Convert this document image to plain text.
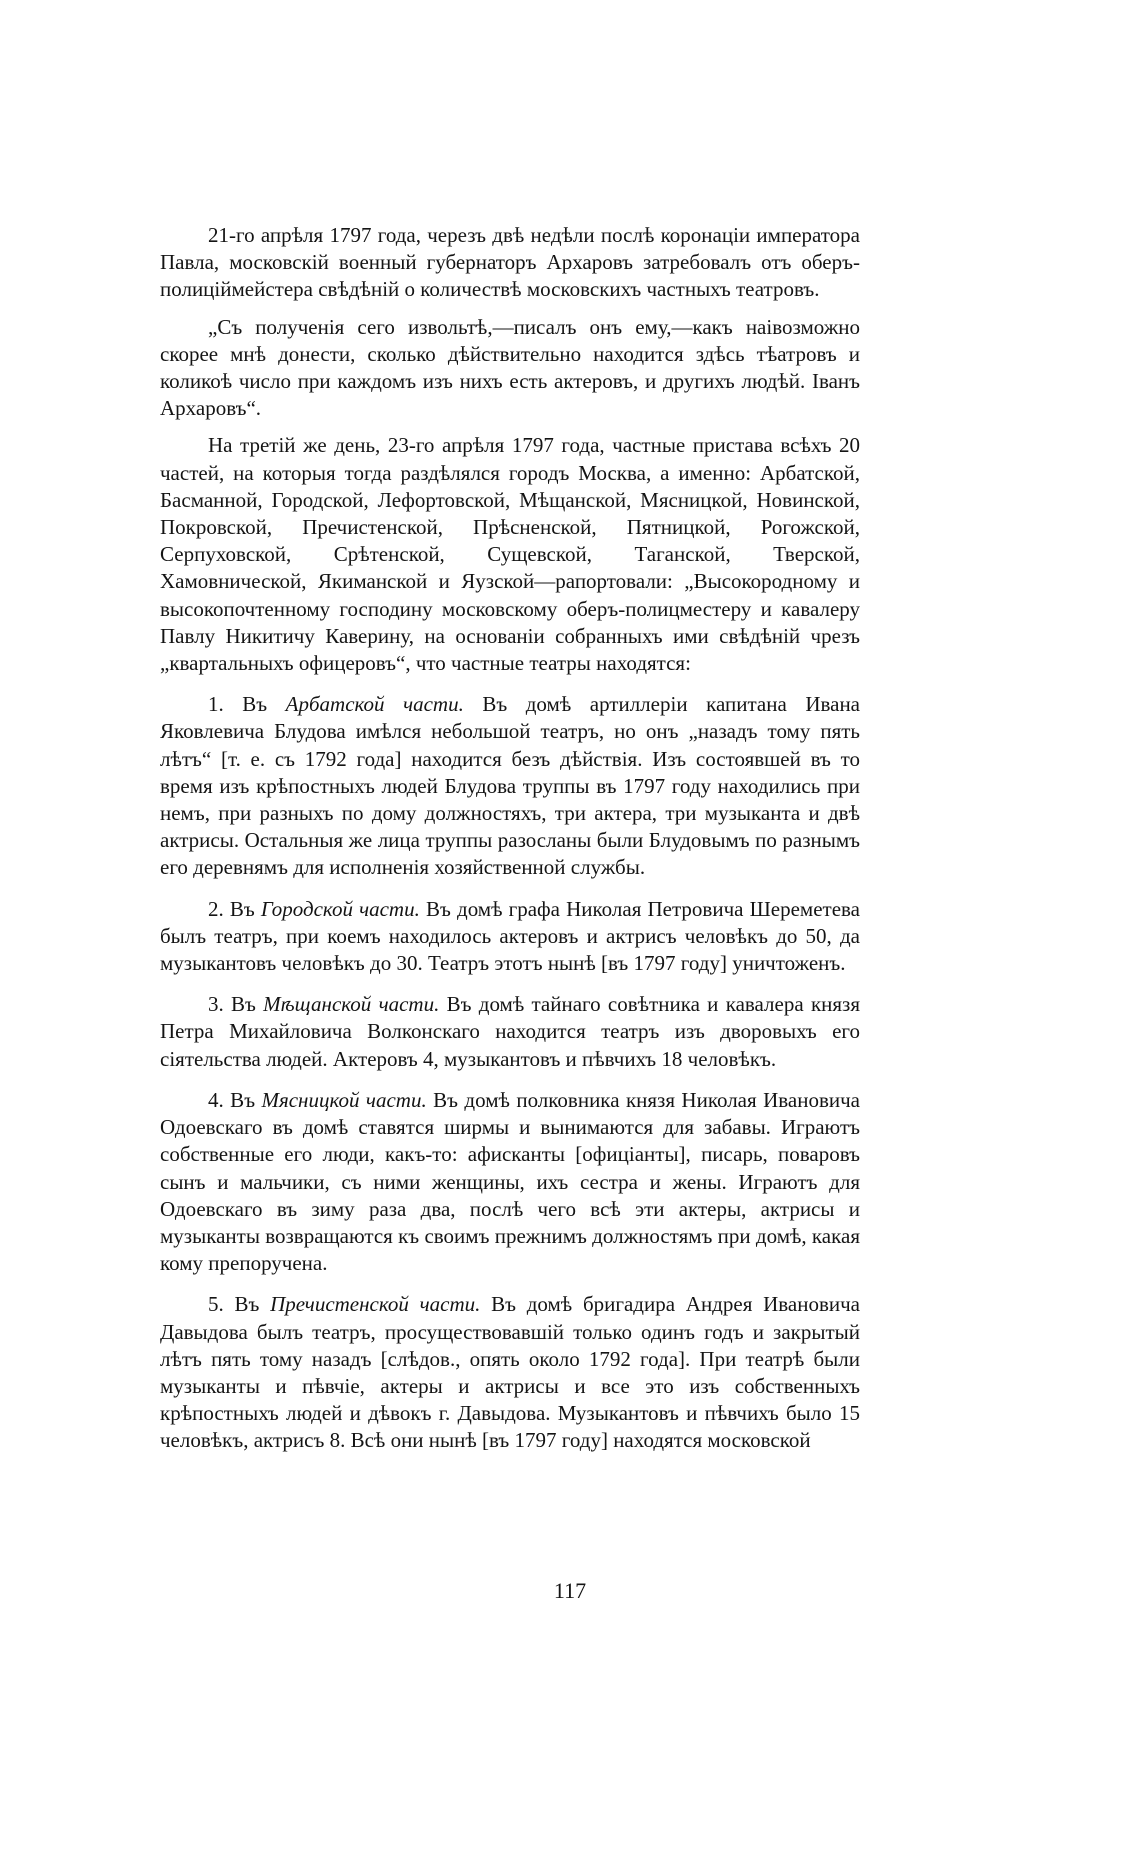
21-го апрѣля 1797 года, черезъ двѣ недѣли послѣ коронаціи императора Павла, московскій военный губернаторъ Архаровъ затребовалъ отъ оберъ-полиціймейстера свѣдѣній о количествѣ московскихъ частныхъ театровъ.

„Съ полученія сего извольтѣ,—писалъ онъ ему,—какъ наівозможно скорее мнѣ донести, сколько дѣйствительно находится здѣсь тѣатровъ и коликоѣ число при каждомъ изъ нихъ есть актеровъ, и другихъ людѣй. Іванъ Архаровъ“.

На третій же день, 23-го апрѣля 1797 года, частные пристава всѣхъ 20 частей, на которыя тогда раздѣлялся городъ Москва, а именно: Арбатской, Басманной, Городской, Лефортовской, Мѣщанской, Мясницкой, Новинской, Покровской, Пречистенской, Прѣсненской, Пятницкой, Рогожской, Серпуховской, Срѣтенской, Сущевской, Таганской, Тверской, Хамовнической, Якиманской и Яузской—рапортовали: „Высокородному и высокопочтенному господину московскому оберъ-полицместеру и кавалеру Павлу Никитичу Каверину, на основаніи собранныхъ ими свѣдѣній чрезъ „квартальныхъ офицеровъ“, что частные театры находятся:

1. Въ Арбатской части. Въ домѣ артиллеріи капитана Ивана Яковлевича Блудова имѣлся небольшой театръ, но онъ „назадъ тому пять лѣтъ“ [т. е. съ 1792 года] находится безъ дѣйствія. Изъ состоявшей въ то время изъ крѣпостныхъ людей Блудова труппы въ 1797 году находились при немъ, при разныхъ по дому должностяхъ, три актера, три музыканта и двѣ актрисы. Остальныя же лица труппы разосланы были Блудовымъ по разнымъ его деревнямъ для исполненія хозяйственной службы.

2. Въ Городской части. Въ домѣ графа Николая Петровича Шереметева былъ театръ, при коемъ находилось актеровъ и актрисъ человѣкъ до 50, да музыкантовъ человѣкъ до 30. Театръ этотъ нынѣ [въ 1797 году] уничтоженъ.

3. Въ Мѣщанской части. Въ домѣ тайнаго совѣтника и кавалера князя Петра Михайловича Волконскаго находится театръ изъ дворовыхъ его сіятельства людей. Актеровъ 4, музыкантовъ и пѣвчихъ 18 человѣкъ.

4. Въ Мясницкой части. Въ домѣ полковника князя Николая Ивановича Одоевскаго въ домѣ ставятся ширмы и вынимаются для забавы. Играютъ собственные его люди, какъ-то: афисканты [офиціанты], писарь, поваровъ сынъ и мальчики, съ ними женщины, ихъ сестра и жены. Играютъ для Одоевскаго въ зиму раза два, послѣ чего всѣ эти актеры, актрисы и музыканты возвращаются къ своимъ прежнимъ должностямъ при домѣ, какая кому препоручена.

5. Въ Пречистенской части. Въ домѣ бригадира Андрея Ивановича Давыдова былъ театръ, просуществовавшій только одинъ годъ и закрытый лѣтъ пять тому назадъ [слѣдов., опять около 1792 года]. При театрѣ были музыканты и пѣвчіе, актеры и актрисы и все это изъ собственныхъ крѣпостныхъ людей и дѣвокъ г. Давыдова. Музыкантовъ и пѣвчихъ было 15 человѣкъ, актрисъ 8. Всѣ они нынѣ [въ 1797 году] находятся московской

117
